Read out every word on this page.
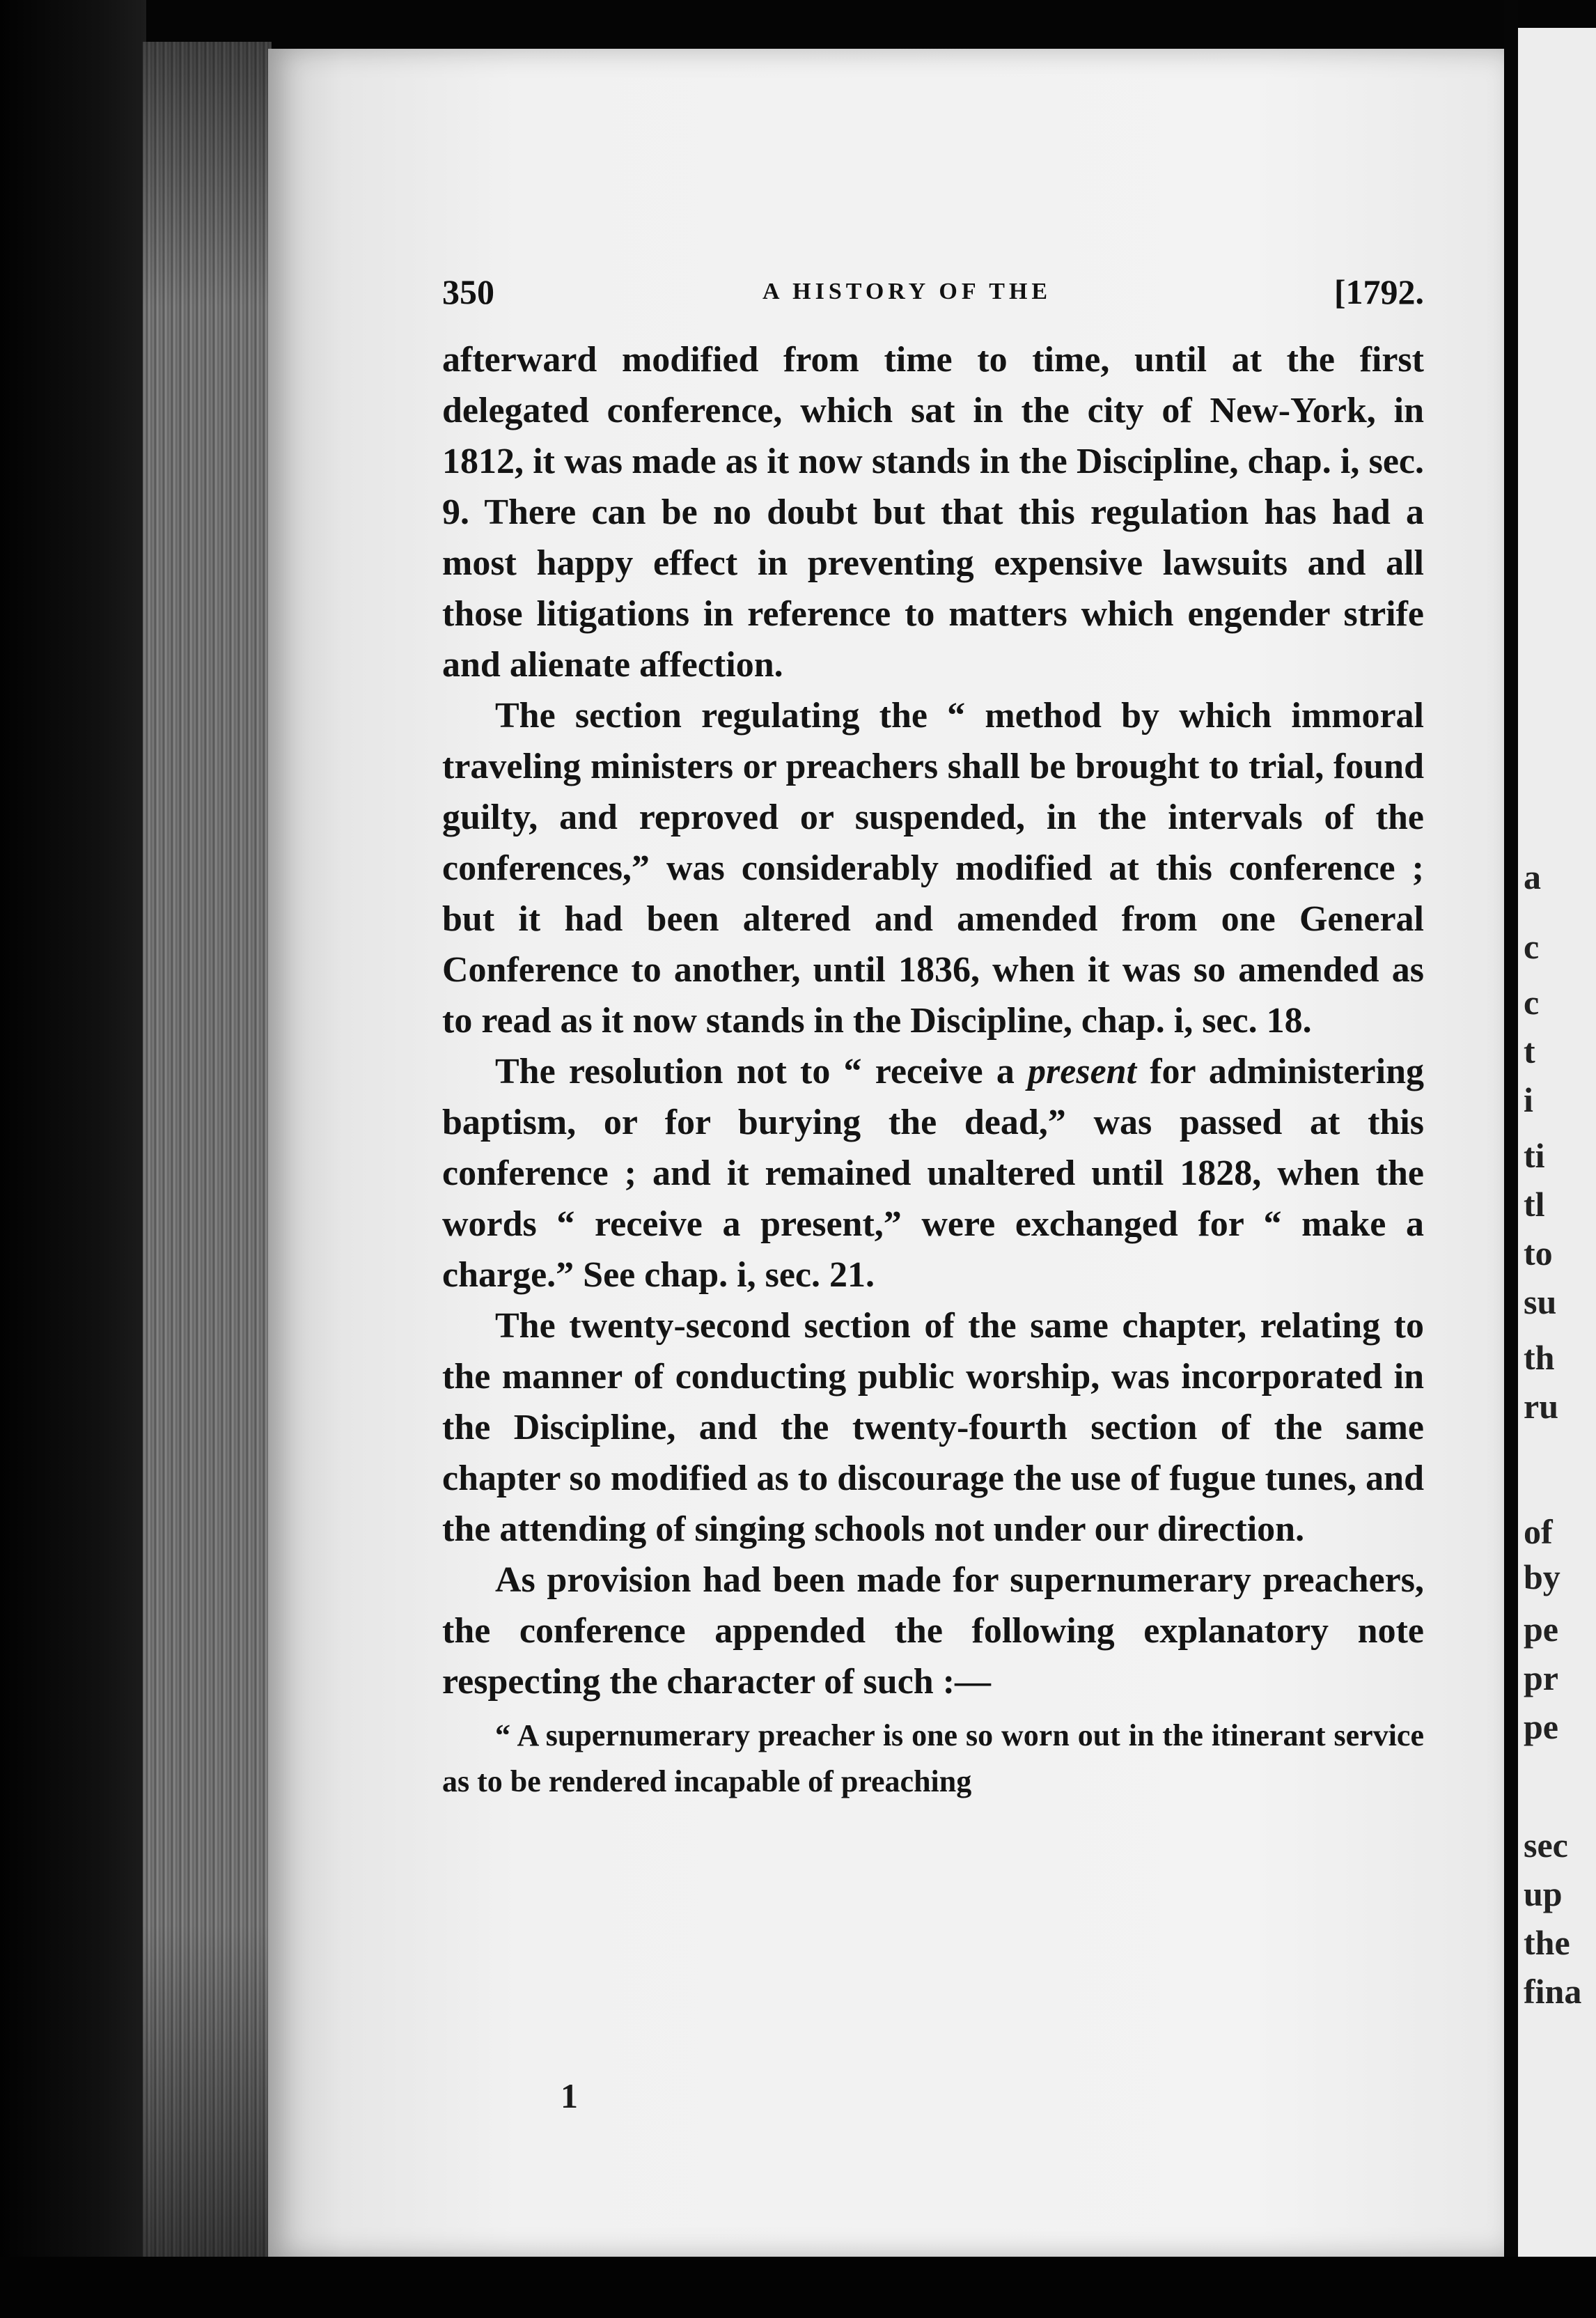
350	A HISTORY OF THE	[1792.

afterward modified from time to time, until at the first delegated conference, which sat in the city of New-York, in 1812, it was made as it now stands in the Discipline, chap. i, sec. 9. There can be no doubt but that this regulation has had a most happy effect in preventing expensive lawsuits and all those litigations in reference to matters which engender strife and alienate affection.

The section regulating the “ method by which immoral traveling ministers or preachers shall be brought to trial, found guilty, and reproved or suspended, in the intervals of the conferences,” was considerably modified at this conference ; but it had been altered and amended from one General Conference to another, until 1836, when it was so amended as to read as it now stands in the Discipline, chap. i, sec. 18.

The resolution not to “ receive a present for administering baptism, or for burying the dead,” was passed at this conference ; and it remained unaltered until 1828, when the words “ receive a present,” were exchanged for “ make a charge.” See chap. i, sec. 21.

The twenty-second section of the same chapter, relating to the manner of conducting public worship, was incorporated in the Discipline, and the twenty-fourth section of the same chapter so modified as to discourage the use of fugue tunes, and the attending of singing schools not under our direction.

As provision had been made for supernumerary preachers, the conference appended the following explanatory note respecting the character of such :—

“ A supernumerary preacher is one so worn out in the itinerant service as to be rendered incapable of preaching

1
a
c
c
t
i
ti
tl
to
su
th
ru
of
by
pe
pr
pe
sec
up
the
fina
